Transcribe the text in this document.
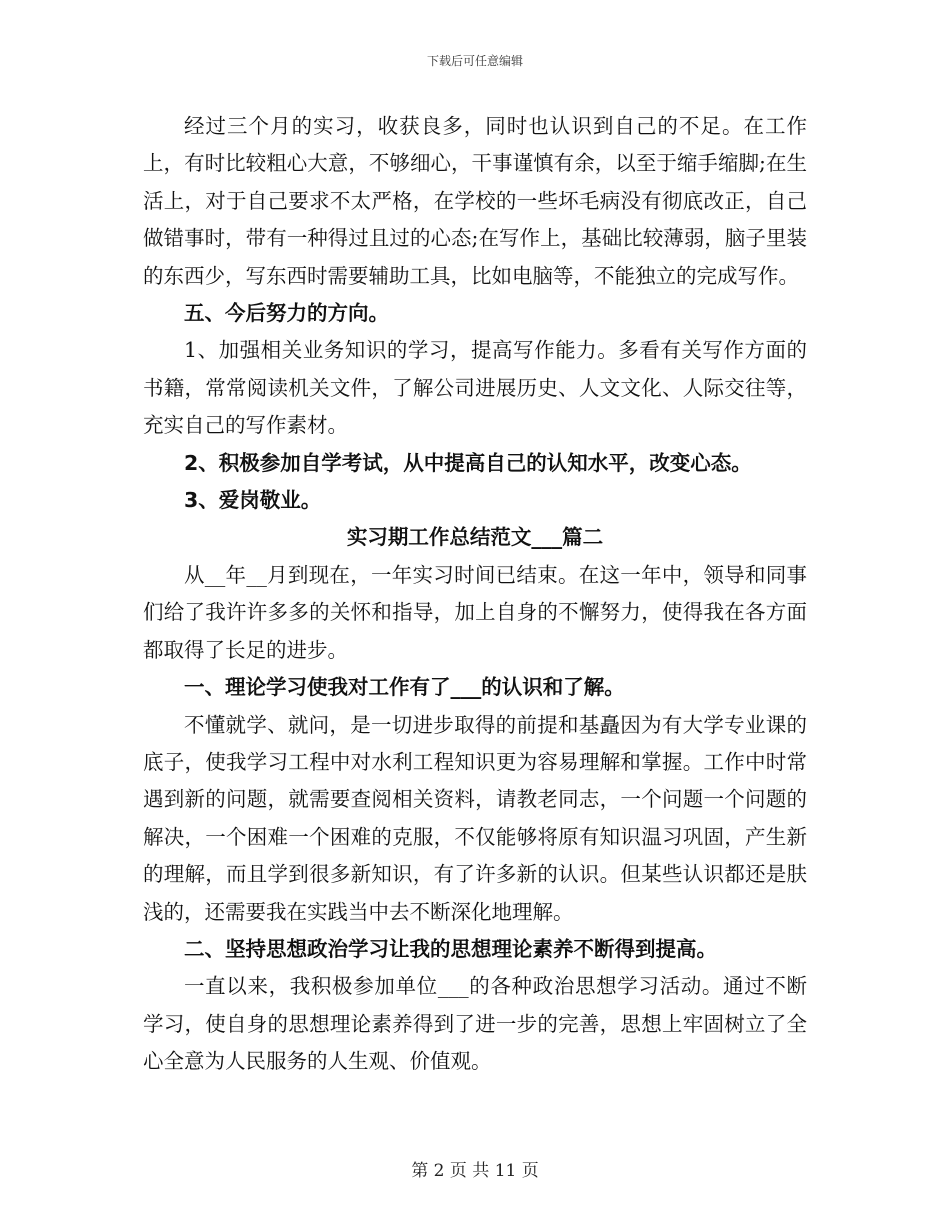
下载后可任意编辑

经过三个月的实习，收获良多，同时也认识到自己的不足。在工作上，有时比较粗心大意，不够细心，干事谨慎有余，以至于缩手缩脚;在生活上，对于自己要求不太严格，在学校的一些坏毛病没有彻底改正，自己做错事时，带有一种得过且过的心态;在写作上，基础比较薄弱，脑子里装的东西少，写东西时需要辅助工具，比如电脑等，不能独立的完成写作。

五、今后努力的方向。

1、加强相关业务知识的学习，提高写作能力。多看有关写作方面的书籍，常常阅读机关文件，了解公司进展历史、人文文化、人际交往等，充实自己的写作素材。

2、积极参加自学考试，从中提高自己的认知水平，改变心态。

3、爱岗敬业。

实习期工作总结范文___篇二

从__年__月到现在，一年实习时间已结束。在这一年中，领导和同事们给了我许许多多的关怀和指导，加上自身的不懈努力，使得我在各方面都取得了长足的进步。

一、理论学习使我对工作有了___的认识和了解。

不懂就学、就问，是一切进步取得的前提和基矗因为有大学专业课的底子，使我学习工程中对水利工程知识更为容易理解和掌握。工作中时常遇到新的问题，就需要查阅相关资料，请教老同志，一个问题一个问题的解决，一个困难一个困难的克服，不仅能够将原有知识温习巩固，产生新的理解，而且学到很多新知识，有了许多新的认识。但某些认识都还是肤浅的，还需要我在实践当中去不断深化地理解。

二、坚持思想政治学习让我的思想理论素养不断得到提高。

一直以来，我积极参加单位___的各种政治思想学习活动。通过不断学习，使自身的思想理论素养得到了进一步的完善，思想上牢固树立了全心全意为人民服务的人生观、价值观。

第 2 页 共 11 页
